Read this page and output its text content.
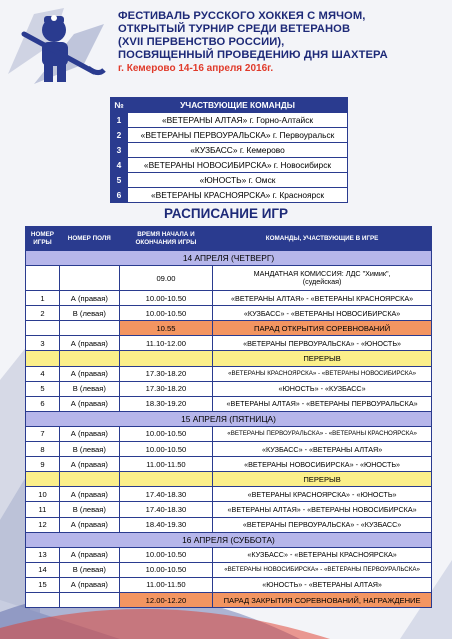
ФЕСТИВАЛЬ РУССКОГО ХОККЕЯ С МЯЧОМ,
ОТКРЫТЫЙ ТУРНИР СРЕДИ ВЕТЕРАНОВ
(XVII ПЕРВЕНСТВО РОССИИ),
ПОСВЯЩЕННЫЙ ПРОВЕДЕНИЮ ДНЯ ШАХТЕРА
г. Кемерово 14-16 апреля 2016г.
№	УЧАСТВУЮЩИЕ КОМАНДЫ
1	«ВЕТЕРАНЫ АЛТАЯ» г. Горно-Алтайск
2	«ВЕТЕРАНЫ ПЕРВОУРАЛЬСКА» г. Первоуральск
3	«КУЗБАСС» г. Кемерово
4	«ВЕТЕРАНЫ НОВОСИБИРСКА» г. Новосибирск
5	«ЮНОСТЬ» г. Омск
6	«ВЕТЕРАНЫ КРАСНОЯРСКА» г. Красноярск
РАСПИСАНИЕ ИГР
НОМЕР ИГРЫ	НОМЕР ПОЛЯ	ВРЕМЯ НАЧАЛА И ОКОНЧАНИЯ ИГРЫ	КОМАНДЫ, УЧАСТВУЮЩИЕ В ИГРЕ
14 АПРЕЛЯ (ЧЕТВЕРГ)			
		09.00	МАНДАТНАЯ КОМИССИЯ: ЛДС "Химик",
(судейская)

1	А (правая)	10.00-10.50	«ВЕТЕРАНЫ АЛТАЯ» - «ВЕТЕРАНЫ КРАСНОЯРСКА»
2	В (левая)	10.00-10.50	«КУЗБАСС» - «ВЕТЕРАНЫ НОВОСИБИРСКА»
		10.55	ПАРАД ОТКРЫТИЯ СОРЕВНОВАНИЙ
3	А (правая)	11.10-12.00	«ВЕТЕРАНЫ ПЕРВОУРАЛЬСКА» - «ЮНОСТЬ»
			ПЕРЕРЫВ
4	А (правая)	17.30-18.20	«ВЕТЕРАНЫ КРАСНОЯРСКА» - «ВЕТЕРАНЫ НОВОСИБИРСКА»
5	В (левая)	17.30-18.20	«ЮНОСТЬ» - «КУЗБАСС»
6	А (правая)	18.30-19.20	«ВЕТЕРАНЫ АЛТАЯ» - «ВЕТЕРАНЫ ПЕРВОУРАЛЬСКА»
15 АПРЕЛЯ (ПЯТНИЦА)			
7	А (правая)	10.00-10.50	«ВЕТЕРАНЫ ПЕРВОУРАЛЬСКА» - «ВЕТЕРАНЫ КРАСНОЯРСКА»
8	В (левая)	10.00-10.50	«КУЗБАСС» - «ВЕТЕРАНЫ АЛТАЯ»
9	А (правая)	11.00-11.50	«ВЕТЕРАНЫ НОВОСИБИРСКА» - «ЮНОСТЬ»
			ПЕРЕРЫВ
10	А (правая)	17.40-18.30	«ВЕТЕРАНЫ КРАСНОЯРСКА» - «ЮНОСТЬ»
11	В (левая)	17.40-18.30	«ВЕТЕРАНЫ АЛТАЯ» - «ВЕТЕРАНЫ НОВОСИБИРСКА»
12	А (правая)	18.40-19.30	«ВЕТЕРАНЫ ПЕРВОУРАЛЬСКА» - «КУЗБАСС»
16 АПРЕЛЯ (СУББОТА)			
13	А (правая)	10.00-10.50	«КУЗБАСС» - «ВЕТЕРАНЫ КРАСНОЯРСКА»
14	В (левая)	10.00-10.50	«ВЕТЕРАНЫ НОВОСИБИРСКА» - «ВЕТЕРАНЫ ПЕРВОУРАЛЬСКА»
15	А (правая)	11.00-11.50	«ЮНОСТЬ» - «ВЕТЕРАНЫ АЛТАЯ»
		12.00-12.20	ПАРАД ЗАКРЫТИЯ СОРЕВНОВАНИЙ, НАГРАЖДЕНИЕ
